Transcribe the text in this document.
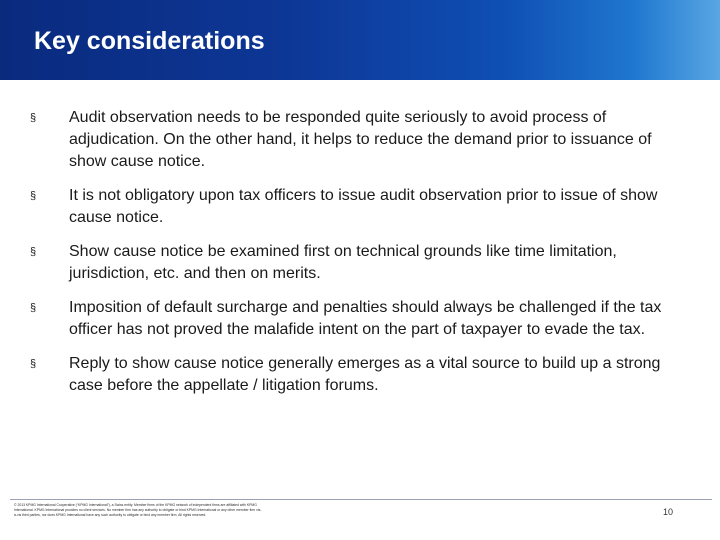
Key considerations
§ Audit observation needs to be responded quite seriously to avoid process of adjudication. On the other hand, it helps to reduce the demand prior to issuance of show cause notice.
§ It is not obligatory upon tax officers to issue audit observation prior to issue of show cause notice.
§ Show cause notice be examined first on technical grounds like time limitation, jurisdiction, etc. and then on merits.
§ Imposition of default surcharge and penalties should always be challenged if the tax officer has not proved the malafide intent on the part of taxpayer to evade the tax.
§ Reply to show cause notice generally emerges as a vital source to build up a strong case before the appellate / litigation forums.
© 2013 KPMG International Cooperative (“KPMG International”), a Swiss entity. Member firms of the KPMG network of independent firms are affiliated with KPMG International. KPMG International provides no client services. No member firm has any authority to obligate or bind KPMG International or any other member firm vis-à-vis third parties, nor does KPMG International have any such authority to obligate or bind any member firm. All rights reserved.	10
